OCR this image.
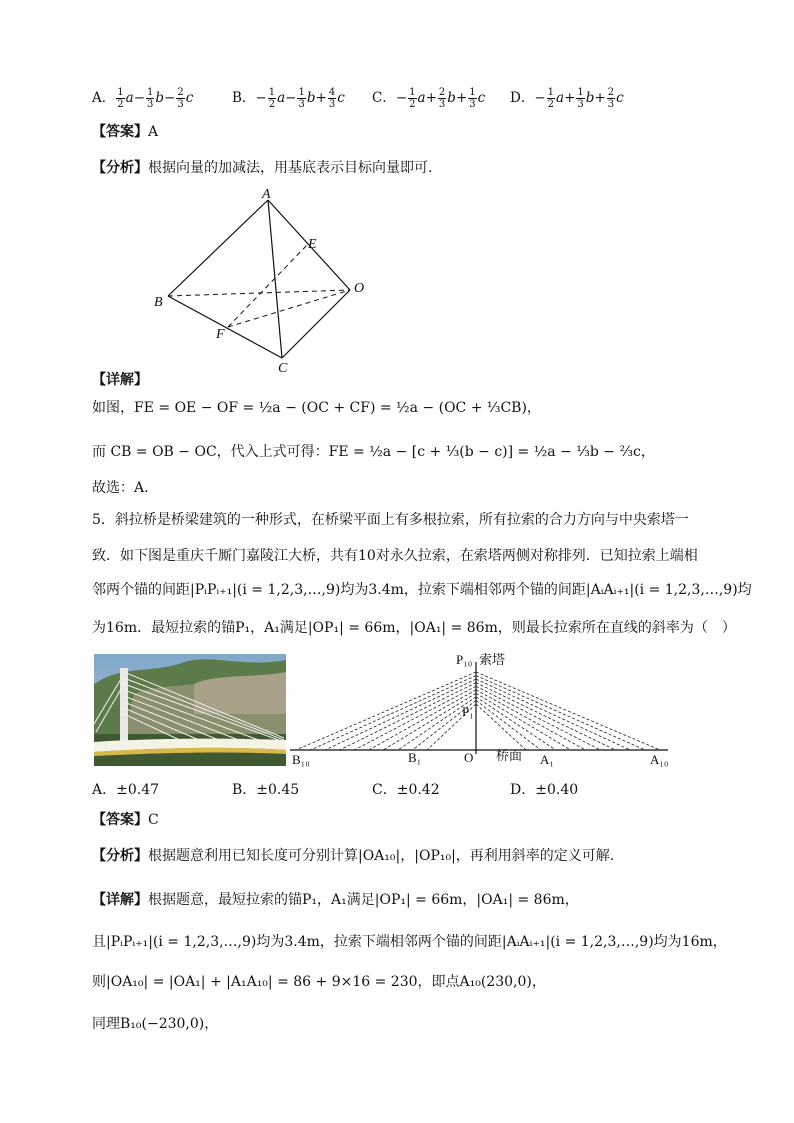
A． $\frac{1}{2} a- \frac{1}{3} b- \frac{2}{3}$ c	B．− $\frac{1}{2} a- \frac{1}{3} b+ \frac{4}{3}$ c C．− $\frac{1}{2} a+ \frac{2}{3} b+ \frac{1}{3}$ c D．− $\frac{1}{2} a+ \frac{1}{3} b+ \frac{2}{3}$ c
【答案】A
【分析】根据向量的加减法，用基底表示目标向量即可.
A
B
C
E
F
O
【详解】
如图，FE = OE − OF = ½a − (OC + CF) = ½a − (OC + ⅓CB)，
而 CB = OB − OC，代入上式可得：FE = ½a − [c + ⅓(b − c)] = ½a − ⅓b − ⅔c，
故选：A.
5．斜拉桥是桥梁建筑的一种形式，在桥梁平面上有多根拉索，所有拉索的合力方向与中央索塔一
致．如下图是重庆千厮门嘉陵江大桥，共有10对永久拉索，在索塔两侧对称排列．已知拉索上端相
邻两个锚的间距|PᵢPᵢ₊₁|(i = 1,2,3,…,9)均为3.4m，拉索下端相邻两个锚的间距|AᵢAᵢ₊₁|(i = 1,2,3,…,9)均
为16m．最短拉索的锚P₁，A₁满足|OP₁| = 66m，|OA₁| = 86m，则最长拉索所在直线的斜率为（　）
P₁₀ 索塔
P₁
B₁₀	B₁	O 桥面 A₁	A₁₀
A．±0.47	B．±0.45	C．±0.42	D．±0.40
【答案】C
【分析】根据题意利用已知长度可分别计算|OA₁₀|，|OP₁₀|，再利用斜率的定义可解.
【详解】根据题意，最短拉索的锚P₁，A₁满足|OP₁| = 66m，|OA₁| = 86m，
且|PᵢPᵢ₊₁|(i = 1,2,3,…,9)均为3.4m，拉索下端相邻两个锚的间距|AᵢAᵢ₊₁|(i = 1,2,3,…,9)均为16m，
则|OA₁₀| = |OA₁| + |A₁A₁₀| = 86 + 9×16 = 230，即点A₁₀(230,0)，
同理B₁₀(−230,0)，
